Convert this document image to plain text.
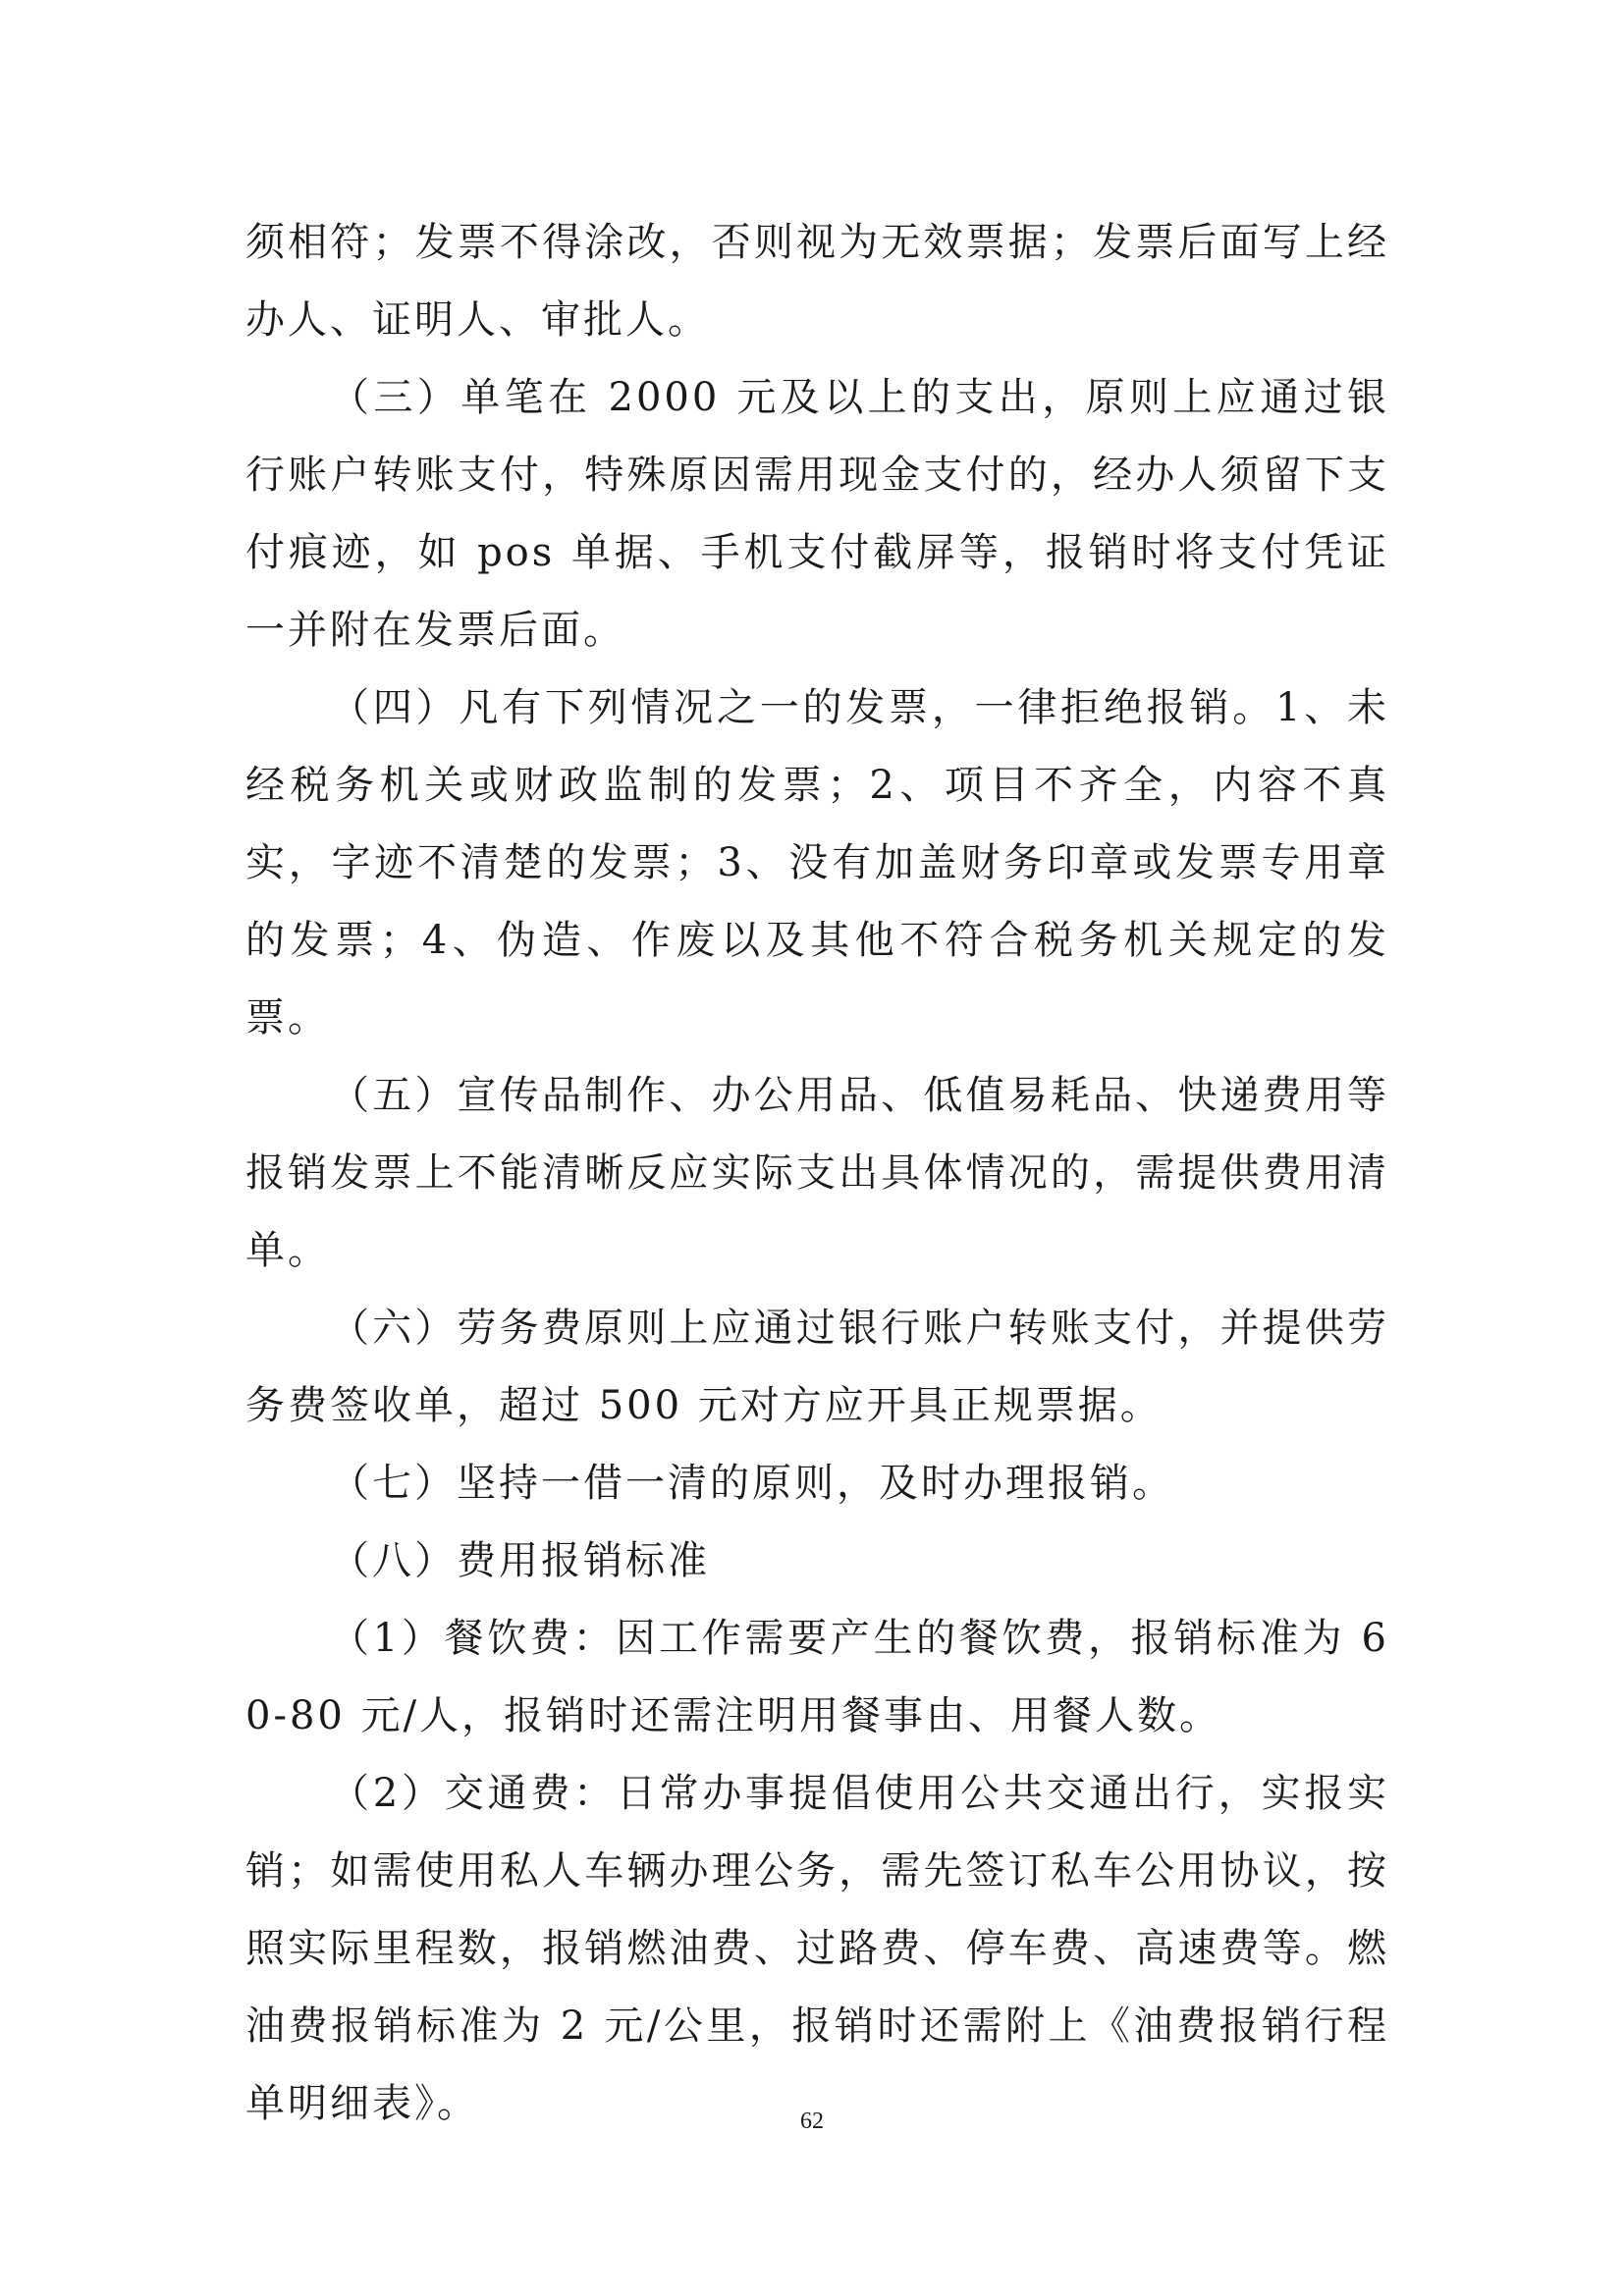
须相符；发票不得涂改，否则视为无效票据；发票后面写上经办人、证明人、审批人。

（三）单笔在 2000 元及以上的支出，原则上应通过银行账户转账支付，特殊原因需用现金支付的，经办人须留下支付痕迹，如 pos 单据、手机支付截屏等，报销时将支付凭证一并附在发票后面。

（四）凡有下列情况之一的发票，一律拒绝报销。1、未经税务机关或财政监制的发票；2、项目不齐全，内容不真实，字迹不清楚的发票；3、没有加盖财务印章或发票专用章的发票；4、伪造、作废以及其他不符合税务机关规定的发票。

（五）宣传品制作、办公用品、低值易耗品、快递费用等报销发票上不能清晰反应实际支出具体情况的，需提供费用清单。

（六）劳务费原则上应通过银行账户转账支付，并提供劳务费签收单，超过 500 元对方应开具正规票据。

（七）坚持一借一清的原则，及时办理报销。

（八）费用报销标准

（1）餐饮费：因工作需要产生的餐饮费，报销标准为 60-80 元/人，报销时还需注明用餐事由、用餐人数。

（2）交通费：日常办事提倡使用公共交通出行，实报实销；如需使用私人车辆办理公务，需先签订私车公用协议，按照实际里程数，报销燃油费、过路费、停车费、高速费等。燃油费报销标准为 2 元/公里，报销时还需附上《油费报销行程单明细表》。	62
